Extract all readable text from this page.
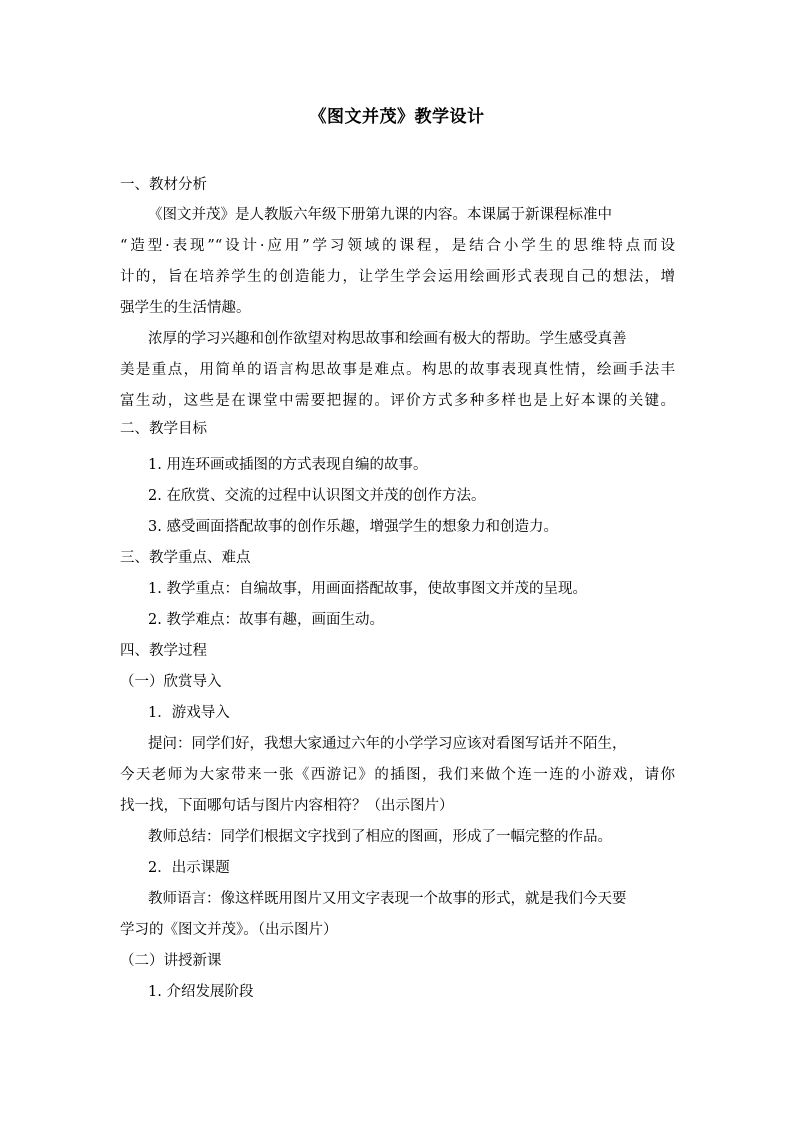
《图文并茂》教学设计
一、教材分析
《图文并茂》是人教版六年级下册第九课的内容。本课属于新课程标准中
“造型·表现”“设计·应用”学习领域的课程，是结合小学生的思维特点而设
计的，旨在培养学生的创造能力，让学生学会运用绘画形式表现自己的想法，增
强学生的生活情趣。
浓厚的学习兴趣和创作欲望对构思故事和绘画有极大的帮助。学生感受真善
美是重点，用简单的语言构思故事是难点。构思的故事表现真性情，绘画手法丰
富生动，这些是在课堂中需要把握的。评价方式多种多样也是上好本课的关键。
二、教学目标
1. 用连环画或插图的方式表现自编的故事。
2. 在欣赏、交流的过程中认识图文并茂的创作方法。
3. 感受画面搭配故事的创作乐趣，增强学生的想象力和创造力。
三、教学重点、难点
1. 教学重点：自编故事，用画面搭配故事，使故事图文并茂的呈现。
2. 教学难点：故事有趣，画面生动。
四、教学过程
（一）欣赏导入
1．游戏导入
提问：同学们好，我想大家通过六年的小学学习应该对看图写话并不陌生，
今天老师为大家带来一张《西游记》的插图，我们来做个连一连的小游戏，请你
找一找，下面哪句话与图片内容相符？（出示图片）
教师总结：同学们根据文字找到了相应的图画，形成了一幅完整的作品。
2．出示课题
教师语言：像这样既用图片又用文字表现一个故事的形式，就是我们今天要
学习的《图文并茂》。（出示图片）
（二）讲授新课
1. 介绍发展阶段
